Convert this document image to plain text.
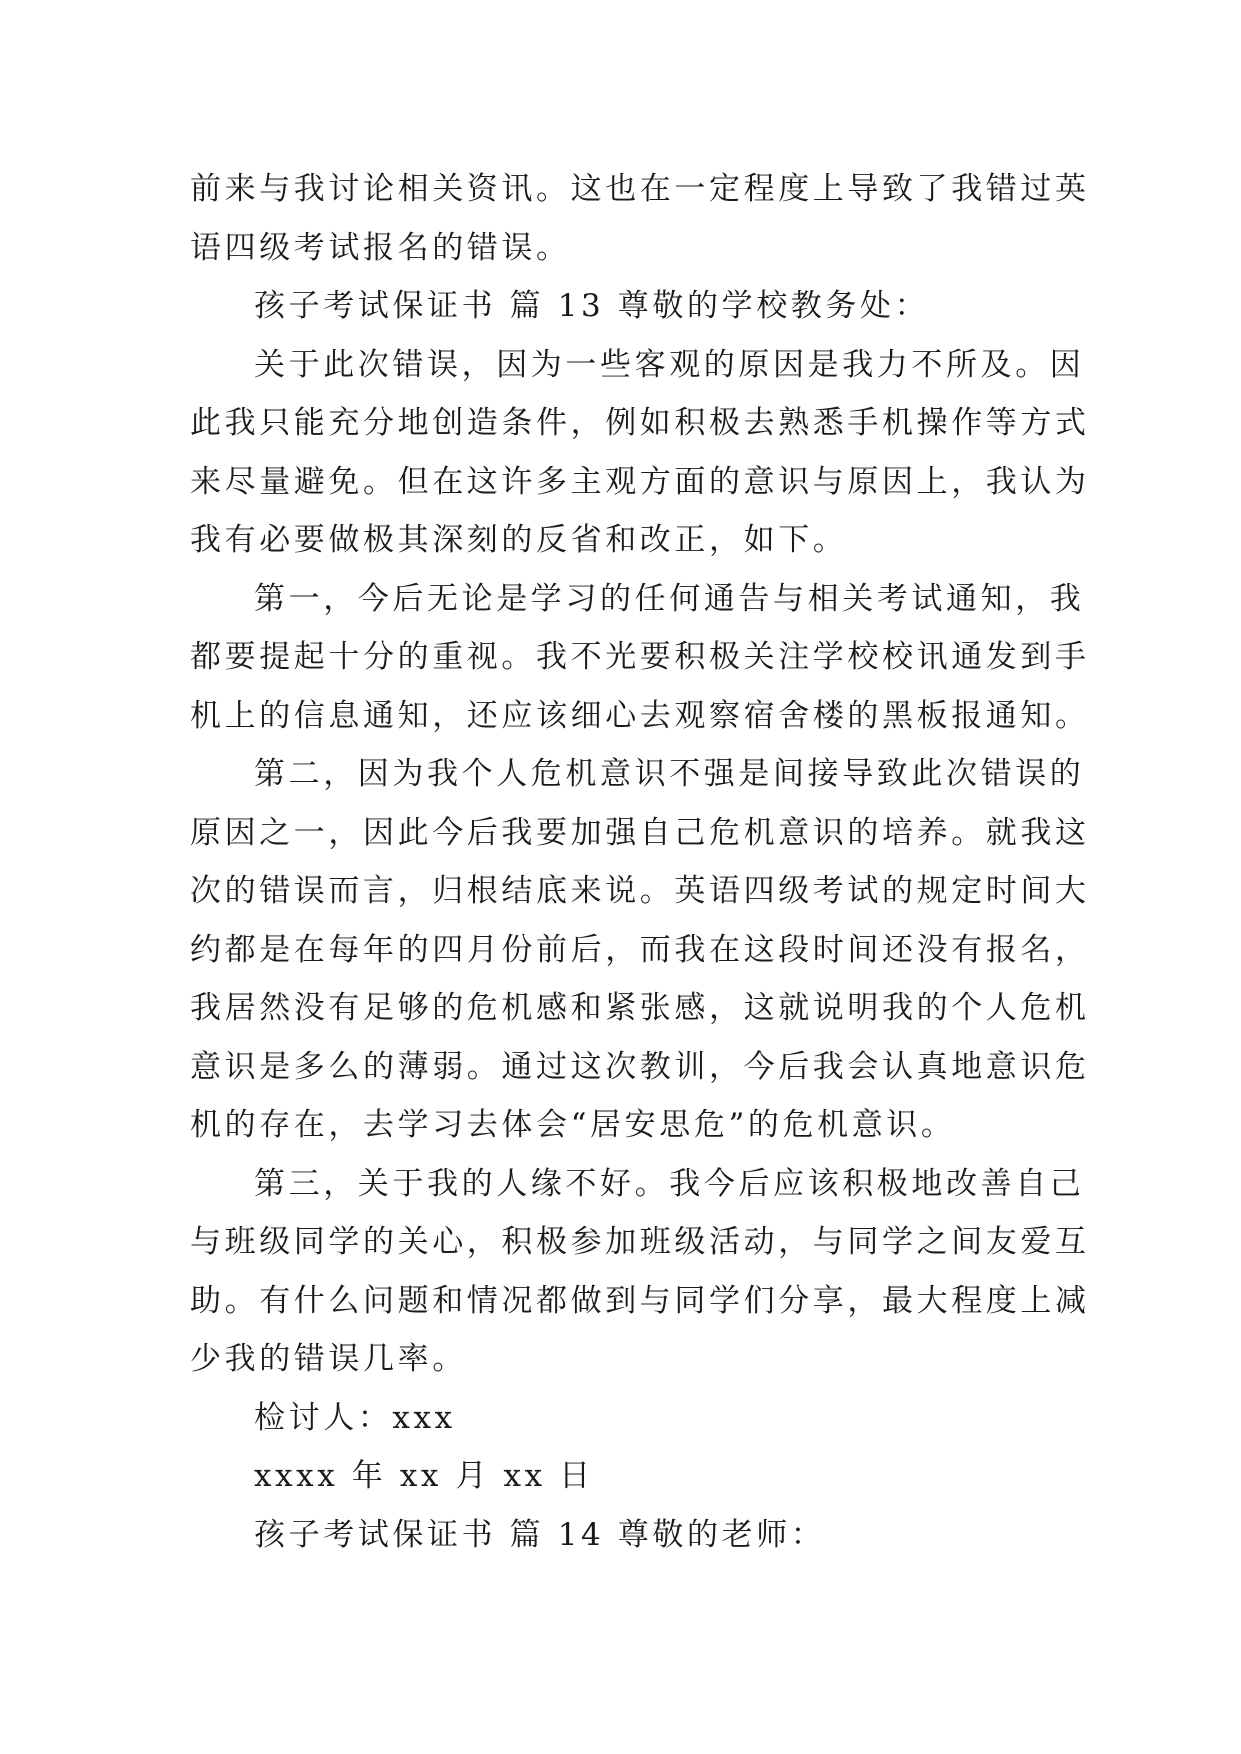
前来与我讨论相关资讯。这也在一定程度上导致了我错过英
语四级考试报名的错误。
孩子考试保证书 篇 13 尊敬的学校教务处：
关于此次错误，因为一些客观的原因是我力不所及。因
此我只能充分地创造条件，例如积极去熟悉手机操作等方式
来尽量避免。但在这许多主观方面的意识与原因上，我认为
我有必要做极其深刻的反省和改正，如下。
第一，今后无论是学习的任何通告与相关考试通知，我
都要提起十分的重视。我不光要积极关注学校校讯通发到手
机上的信息通知，还应该细心去观察宿舍楼的黑板报通知。
第二，因为我个人危机意识不强是间接导致此次错误的
原因之一，因此今后我要加强自己危机意识的培养。就我这
次的错误而言，归根结底来说。英语四级考试的规定时间大
约都是在每年的四月份前后，而我在这段时间还没有报名，
我居然没有足够的危机感和紧张感，这就说明我的个人危机
意识是多么的薄弱。通过这次教训，今后我会认真地意识危
机的存在，去学习去体会“居安思危”的危机意识。
第三，关于我的人缘不好。我今后应该积极地改善自己
与班级同学的关心，积极参加班级活动，与同学之间友爱互
助。有什么问题和情况都做到与同学们分享，最大程度上减
少我的错误几率。
检讨人：xxx
xxxx 年 xx 月 xx 日
孩子考试保证书 篇 14 尊敬的老师：
